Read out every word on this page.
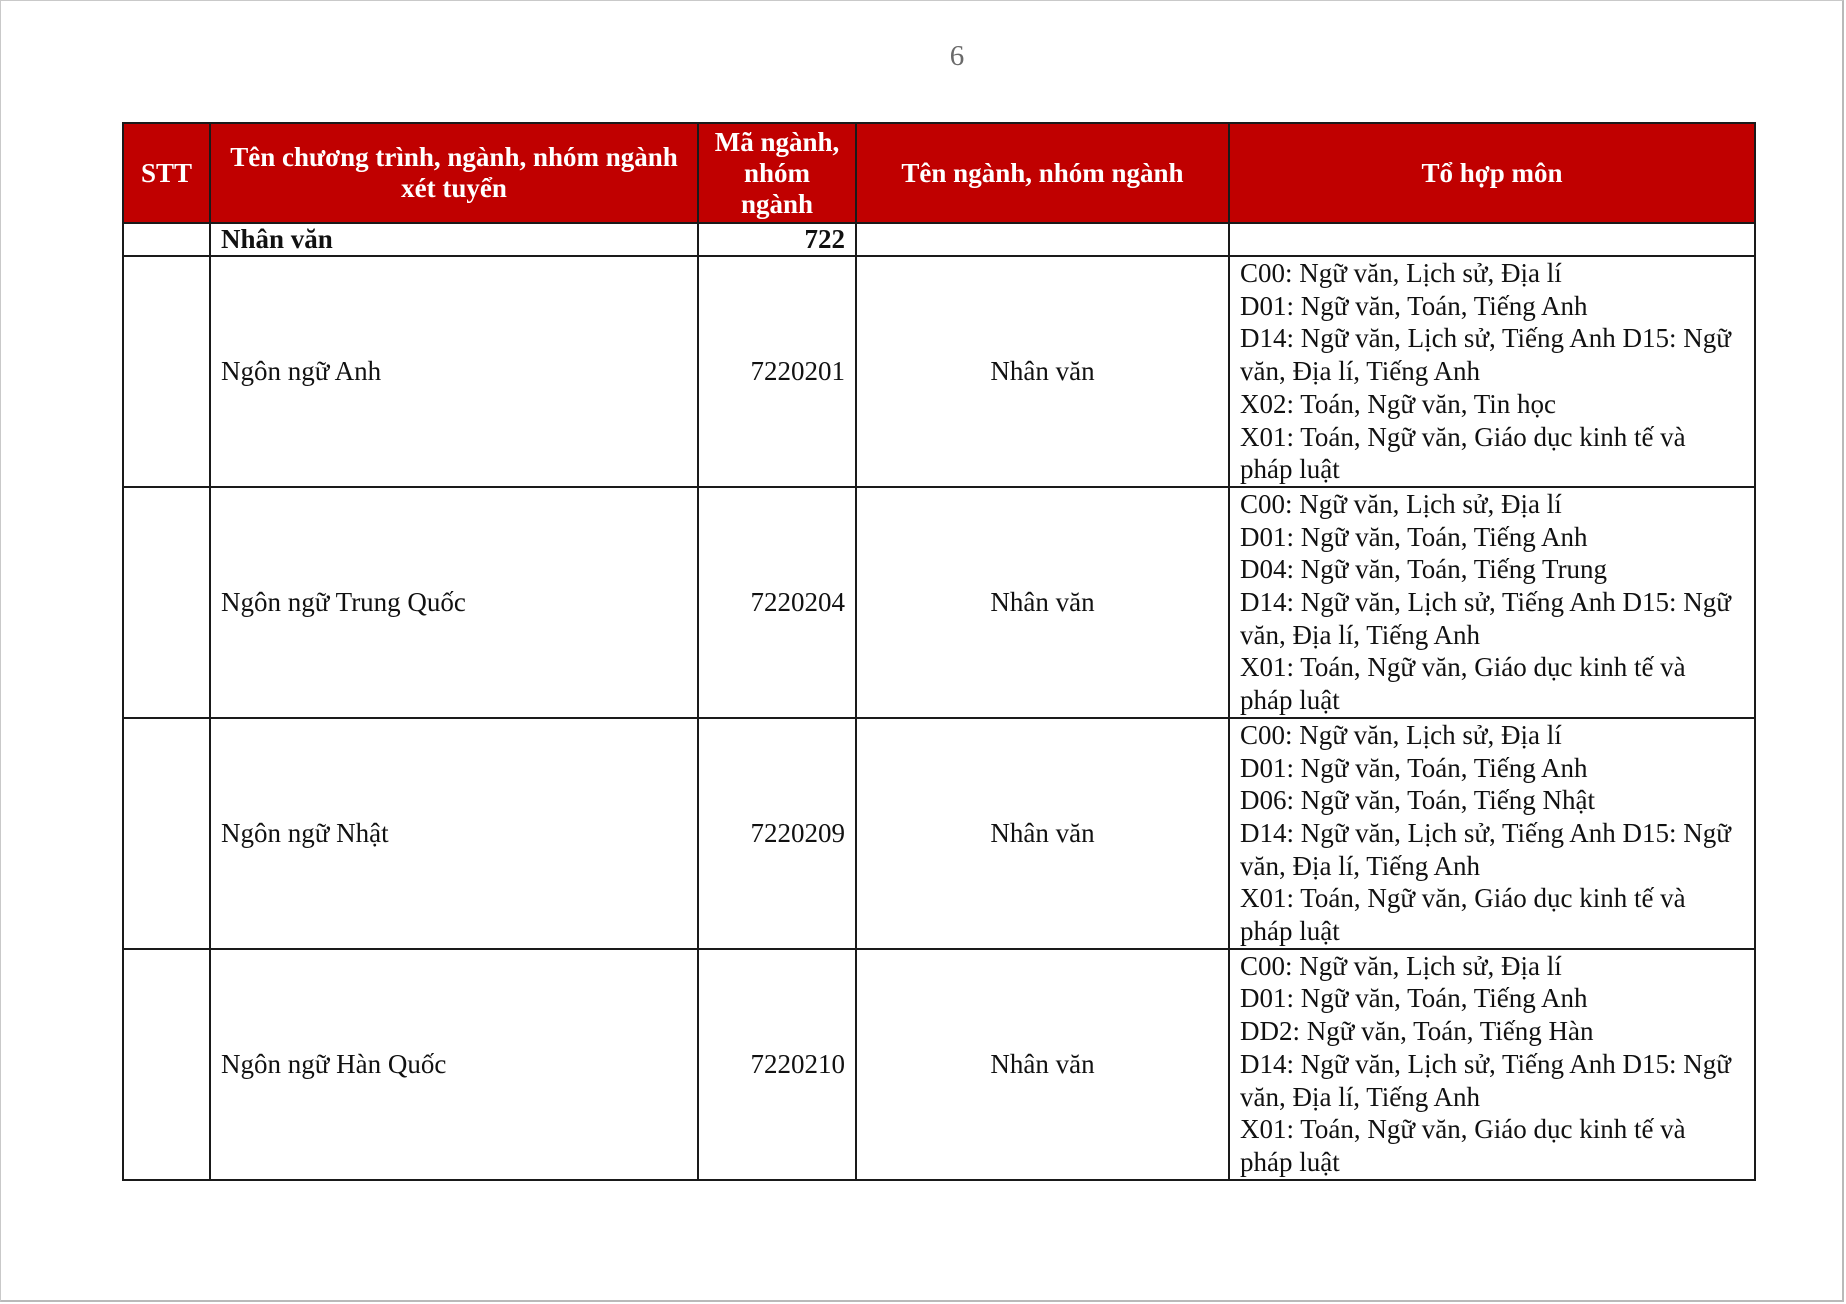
6
STT	Tên chương trình, ngành, nhóm ngành xét tuyển	Mã ngành, nhóm ngành	Tên ngành, nhóm ngành	Tổ hợp môn
	Nhân văn	722		
	Ngôn ngữ Anh	7220201	Nhân văn	C00: Ngữ văn, Lịch sử, Địa lí
D01: Ngữ văn, Toán, Tiếng Anh
D14: Ngữ văn, Lịch sử, Tiếng Anh D15: Ngữ văn, Địa lí, Tiếng Anh
X02: Toán, Ngữ văn, Tin học
X01: Toán, Ngữ văn, Giáo dục kinh tế và pháp luật

	Ngôn ngữ Trung Quốc	7220204	Nhân văn	C00: Ngữ văn, Lịch sử, Địa lí
D01: Ngữ văn, Toán, Tiếng Anh
D04: Ngữ văn, Toán, Tiếng Trung
D14: Ngữ văn, Lịch sử, Tiếng Anh D15: Ngữ văn, Địa lí, Tiếng Anh
X01: Toán, Ngữ văn, Giáo dục kinh tế và pháp luật

	Ngôn ngữ Nhật	7220209	Nhân văn	C00: Ngữ văn, Lịch sử, Địa lí
D01: Ngữ văn, Toán, Tiếng Anh
D06: Ngữ văn, Toán, Tiếng Nhật
D14: Ngữ văn, Lịch sử, Tiếng Anh D15: Ngữ văn, Địa lí, Tiếng Anh
X01: Toán, Ngữ văn, Giáo dục kinh tế và pháp luật

	Ngôn ngữ Hàn Quốc	7220210	Nhân văn	C00: Ngữ văn, Lịch sử, Địa lí
D01: Ngữ văn, Toán, Tiếng Anh
DD2: Ngữ văn, Toán, Tiếng Hàn
D14: Ngữ văn, Lịch sử, Tiếng Anh D15: Ngữ văn, Địa lí, Tiếng Anh
X01: Toán, Ngữ văn, Giáo dục kinh tế và pháp luật
